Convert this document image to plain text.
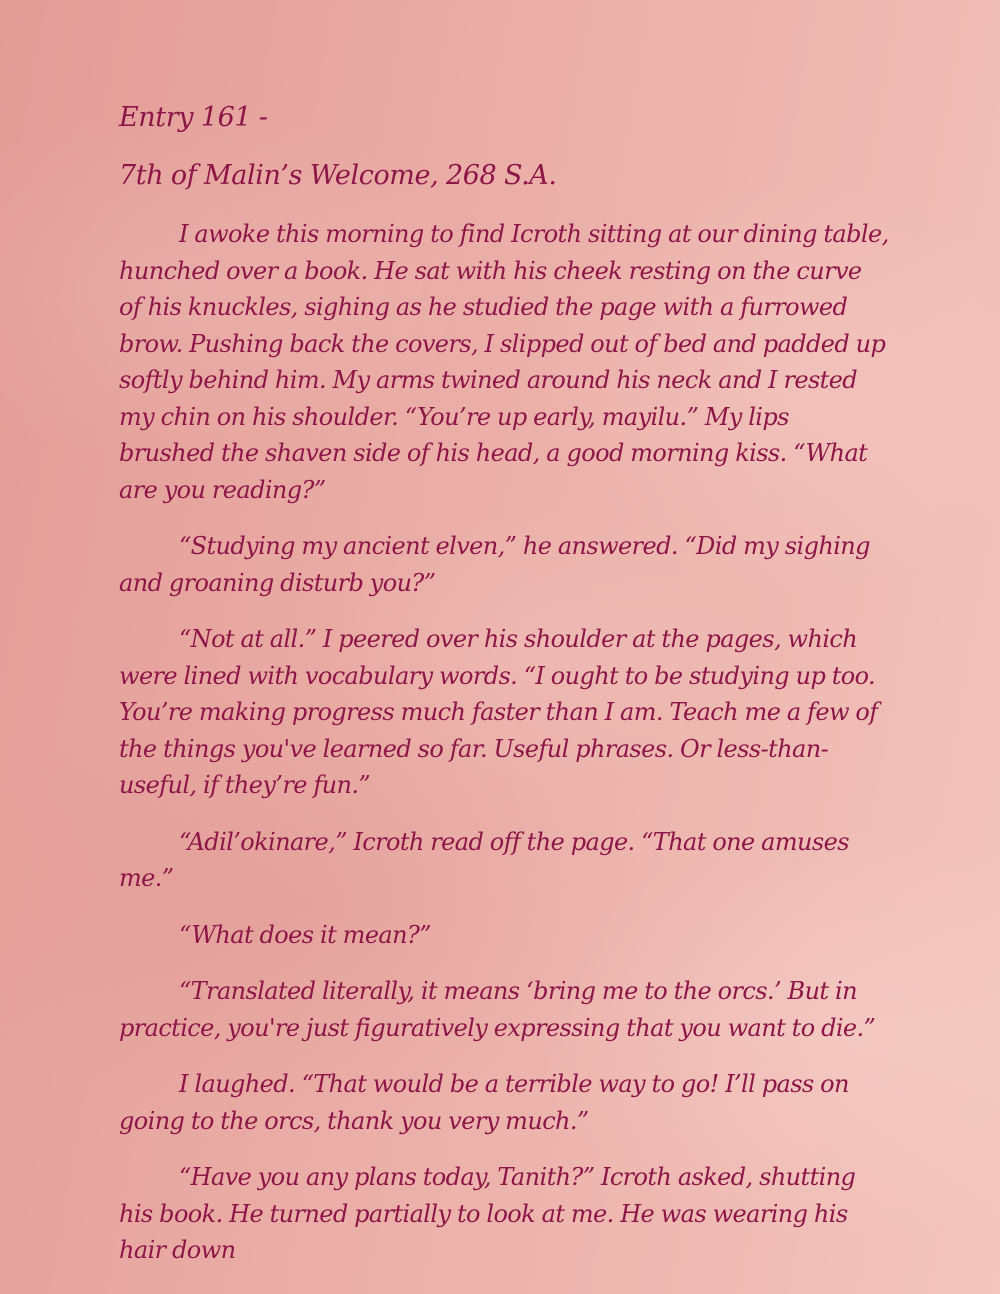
Entry 161 -
7th of Malin’s Welcome, 268 S.A.

I awoke this morning to find Icroth sitting at our dining table, hunched over a book. He sat with his cheek resting on the curve of his knuckles, sighing as he studied the page with a furrowed brow. Pushing back the covers, I slipped out of bed and padded up softly behind him. My arms twined around his neck and I rested my chin on his shoulder. “You’re up early, mayilu.” My lips brushed the shaven side of his head, a good morning kiss. “What are you reading?”

“Studying my ancient elven,” he answered. “Did my sighing and groaning disturb you?”

“Not at all.” I peered over his shoulder at the pages, which were lined with vocabulary words. “I ought to be studying up too. You’re making progress much faster than I am. Teach me a few of the things you've learned so far. Useful phrases. Or less-than-useful, if they’re fun.”

“Adil’okinare,” Icroth read off the page. “That one amuses me.”

“What does it mean?”

“Translated literally, it means ‘bring me to the orcs.’ But in practice, you're just figuratively expressing that you want to die.”

I laughed. “That would be a terrible way to go! I’ll pass on going to the orcs, thank you very much.”

“Have you any plans today, Tanith?” Icroth asked, shutting his book. He turned partially to look at me. He was wearing his hair down
